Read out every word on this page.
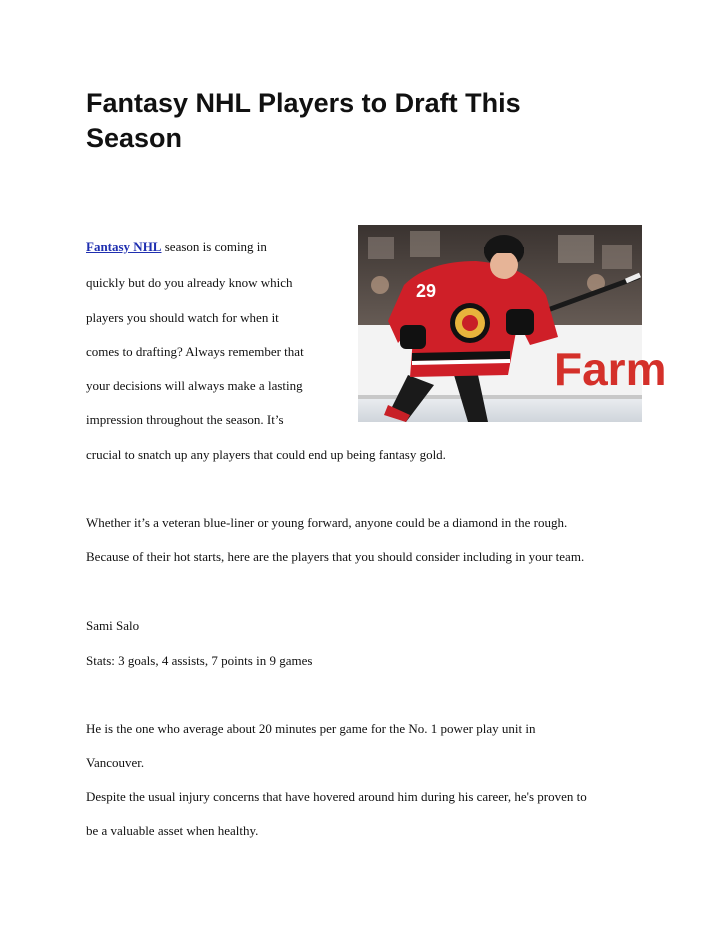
Fantasy NHL Players to Draft This Season
Farm
29

Fantasy NHL season is coming in

quickly but do you already know which

players you should watch for when it

comes to drafting? Always remember that

your decisions will always make a lasting

impression throughout the season. It’s

crucial to snatch up any players that could end up being fantasy gold.

Whether it’s a veteran blue-liner or young forward, anyone could be a diamond in the rough.

Because of their hot starts, here are the players that you should consider including in your team.

Sami Salo

Stats: 3 goals, 4 assists, 7 points in 9 games

He is the one who average about 20 minutes per game for the No. 1 power play unit in

Vancouver.

Despite the usual injury concerns that have hovered around him during his career, he's proven to

be a valuable asset when healthy.
